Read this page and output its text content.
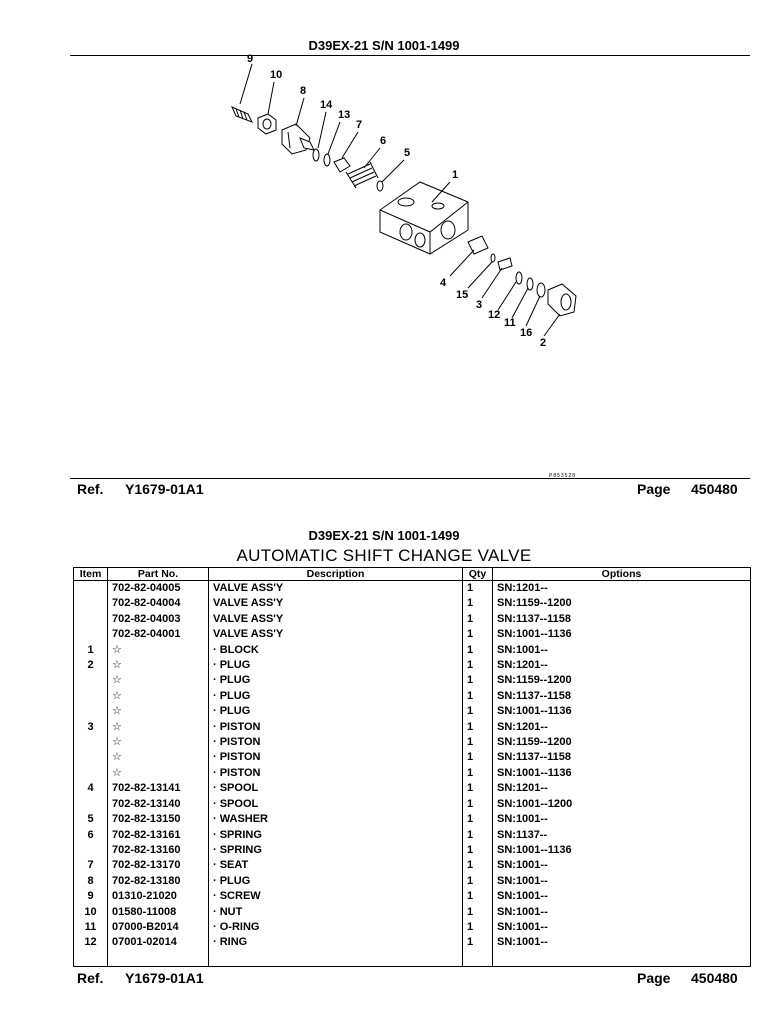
D39EX-21 S/N 1001-1499
9
10
8
14
13
7
6
5
1
4
15
3
12
11
16
2
P853528
Ref. Y1679-01A1	Page 450480
D39EX-21 S/N 1001-1499
AUTOMATIC SHIFT CHANGE VALVE
Item	Part No.	Description	Qty	Options
	702-82-04005	VALVE ASS'Y	1	SN:1201--
	702-82-04004	VALVE ASS'Y	1	SN:1159--1200
	702-82-04003	VALVE ASS'Y	1	SN:1137--1158
	702-82-04001	VALVE ASS'Y	1	SN:1001--1136
1	☆	· BLOCK	1	SN:1001--
2	☆	· PLUG	1	SN:1201--
	☆	· PLUG	1	SN:1159--1200
	☆	· PLUG	1	SN:1137--1158
	☆	· PLUG	1	SN:1001--1136
3	☆	· PISTON	1	SN:1201--
	☆	· PISTON	1	SN:1159--1200
	☆	· PISTON	1	SN:1137--1158
	☆	· PISTON	1	SN:1001--1136
4	702-82-13141	· SPOOL	1	SN:1201--
	702-82-13140	· SPOOL	1	SN:1001--1200
5	702-82-13150	· WASHER	1	SN:1001--
6	702-82-13161	· SPRING	1	SN:1137--
	702-82-13160	· SPRING	1	SN:1001--1136
7	702-82-13170	· SEAT	1	SN:1001--
8	702-82-13180	· PLUG	1	SN:1001--
9	01310-21020	· SCREW	1	SN:1001--
10	01580-11008	· NUT	1	SN:1001--
11	07000-B2014	· O-RING	1	SN:1001--
12	07001-02014	· RING	1	SN:1001--

Ref. Y1679-01A1	Page 450480
